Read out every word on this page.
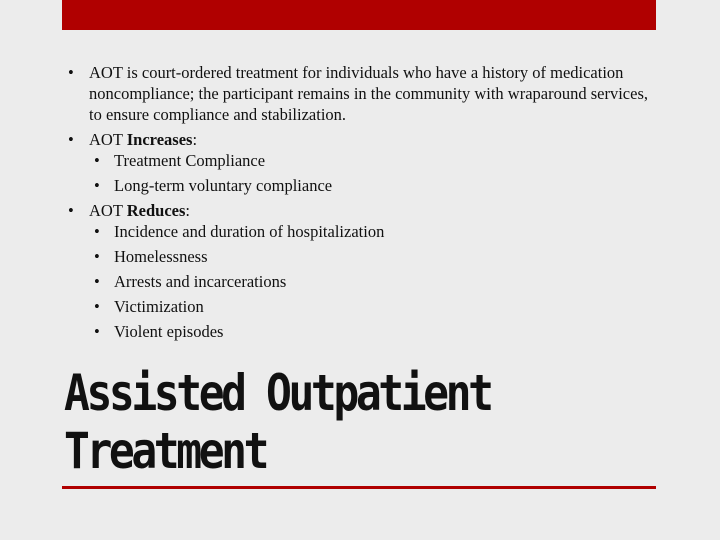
• AOT is court-ordered treatment for individuals who have a history of medication noncompliance; the participant remains in the community with wraparound services, to ensure compliance and stabilization.
• AOT Increases:
• Treatment Compliance
• Long-term voluntary compliance
• AOT Reduces:
• Incidence and duration of hospitalization
• Homelessness
• Arrests and incarcerations
• Victimization
• Violent episodes
Assisted Outpatient
Treatment
